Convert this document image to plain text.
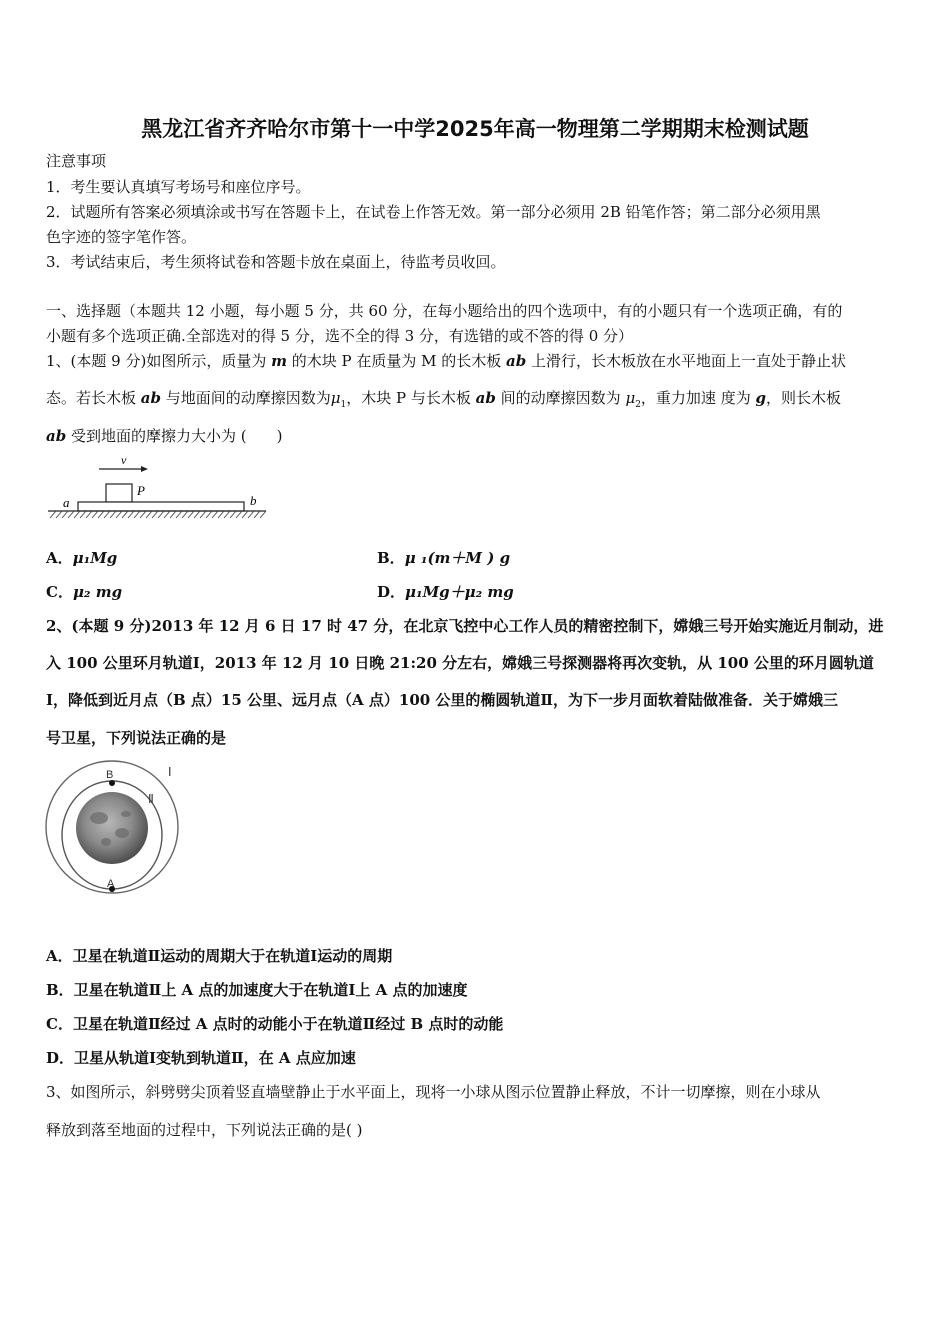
黑龙江省齐齐哈尔市第十一中学2025年高一物理第二学期期末检测试题
注意事项
1．考生要认真填写考场号和座位序号。
2．试题所有答案必须填涂或书写在答题卡上，在试卷上作答无效。第一部分必须用 2B 铅笔作答；第二部分必须用黑
色字迹的签字笔作答。
3．考试结束后，考生须将试卷和答题卡放在桌面上，待监考员收回。
一、选择题（本题共 12 小题，每小题 5 分，共 60 分，在每小题给出的四个选项中，有的小题只有一个选项正确，有的
小题有多个选项正确.全部选对的得 5 分，选不全的得 3 分，有选错的或不答的得 0 分）
1、(本题 9 分)如图所示，质量为 m 的木块 P 在质量为 M 的长木板 ab 上滑行，长木板放在水平地面上一直处于静止状
态。若长木板 ab 与地面间的动摩擦因数为$\mu_1$，木块 P 与长木板 ab 间的动摩擦因数为 $\mu_2$，重力加速 度为 g，则长木板
ab 受到地面的摩擦力大小为 (　　)
v
P
a	b
A．μ₁Mg	B．μ ₁(m＋M ) g
C．μ₂ mg	D．μ₁Mg＋μ₂ mg
2、(本题 9 分)2013 年 12 月 6 日 17 时 47 分，在北京飞控中心工作人员的精密控制下，嫦娥三号开始实施近月制动，进
入 100 公里环月轨道Ⅰ，2013 年 12 月 10 日晚 21:20 分左右，嫦娥三号探测器将再次变轨，从 100 公里的环月圆轨道
Ⅰ，降低到近月点（B 点）15 公里、远月点（A 点）100 公里的椭圆轨道Ⅱ，为下一步月面软着陆做准备．关于嫦娥三
号卫星，下列说法正确的是
B
A
Ⅰ
Ⅱ
A．卫星在轨道Ⅱ运动的周期大于在轨道Ⅰ运动的周期
B．卫星在轨道Ⅱ上 A 点的加速度大于在轨道Ⅰ上 A 点的加速度
C．卫星在轨道Ⅱ经过 A 点时的动能小于在轨道Ⅱ经过 B 点时的动能
D．卫星从轨道Ⅰ变轨到轨道Ⅱ，在 A 点应加速
3、如图所示，斜劈劈尖顶着竖直墙壁静止于水平面上，现将一小球从图示位置静止释放，不计一切摩擦，则在小球从
释放到落至地面的过程中，下列说法正确的是( )
